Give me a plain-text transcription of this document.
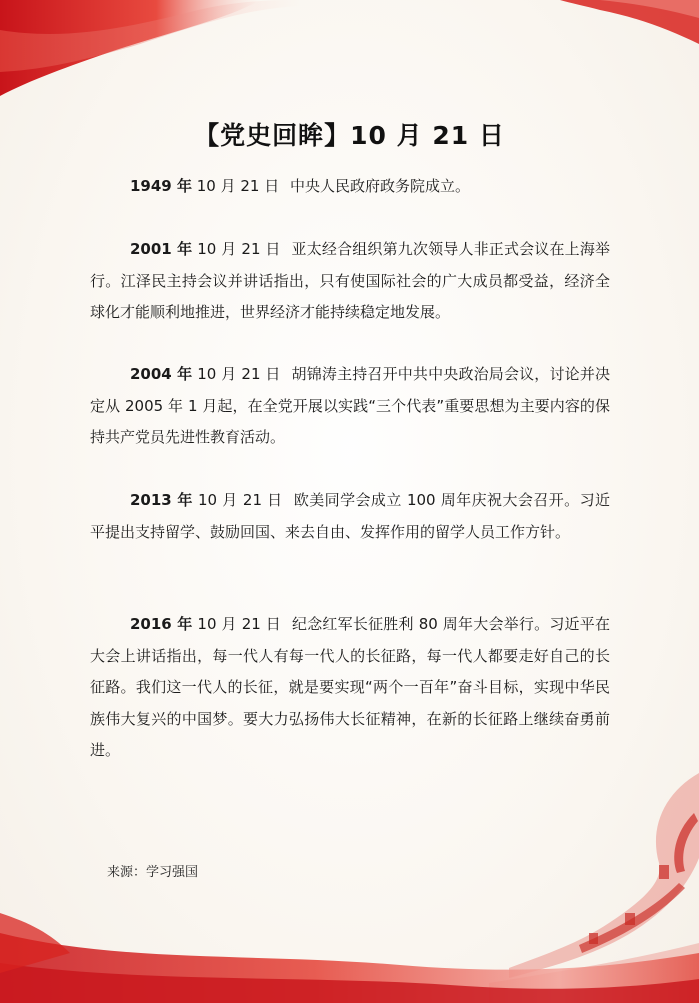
【党史回眸】10 月 21 日

1949 年 10 月 21 日 中央人民政府政务院成立。

2001 年 10 月 21 日 亚太经合组织第九次领导人非正式会议在上海举行。江泽民主持会议并讲话指出，只有使国际社会的广大成员都受益，经济全球化才能顺利地推进，世界经济才能持续稳定地发展。

2004 年 10 月 21 日 胡锦涛主持召开中共中央政治局会议，讨论并决定从 2005 年 1 月起，在全党开展以实践“三个代表”重要思想为主要内容的保持共产党员先进性教育活动。

2013 年 10 月 21 日 欧美同学会成立 100 周年庆祝大会召开。习近平提出支持留学、鼓励回国、来去自由、发挥作用的留学人员工作方针。

2016 年 10 月 21 日 纪念红军长征胜利 80 周年大会举行。习近平在大会上讲话指出，每一代人有每一代人的长征路，每一代人都要走好自己的长征路。我们这一代人的长征，就是要实现“两个一百年”奋斗目标，实现中华民族伟大复兴的中国梦。要大力弘扬伟大长征精神，在新的长征路上继续奋勇前进。

来源：学习强国
